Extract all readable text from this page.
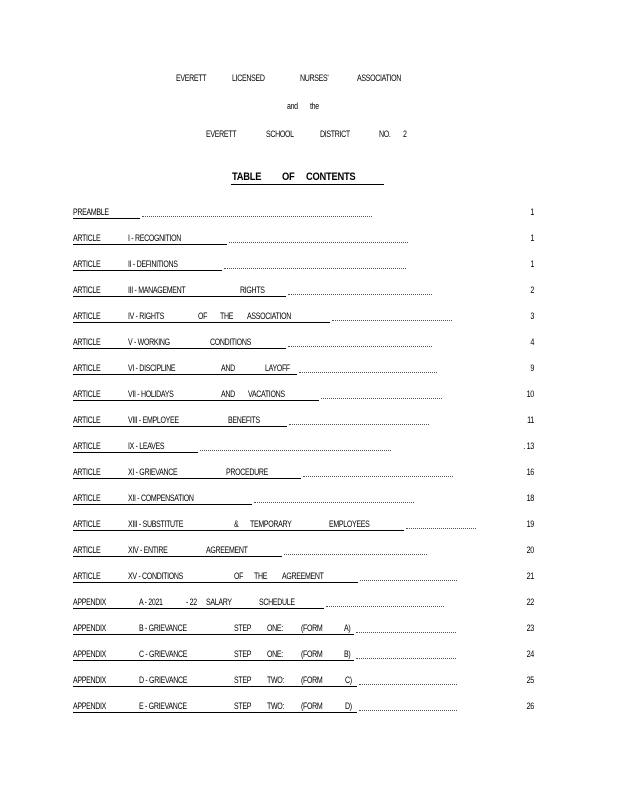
EVERETT	LICENSED	NURSES'	ASSOCIATION
and the
EVERETT	SCHOOL	DISTRICT	NO. 2
TABLE OF CONTENTS
PREAMBLE	1
ARTICLE	I - RECOGNITION	1
ARTICLE	II - DEFINITIONS	1
ARTICLE	III - MANAGEMENT	RIGHTS	2
ARTICLE	IV - RIGHTS	OF THE ASSOCIATION	3
ARTICLE	V - WORKING	CONDITIONS	4
ARTICLE	VI - DISCIPLINE	AND	LAYOFF	9
ARTICLE	VII - HOLIDAYS	AND VACATIONS	10
ARTICLE	VIII - EMPLOYEE	BENEFITS	11
ARTICLE	IX - LEAVES	. 13
ARTICLE	XI - GRIEVANCE	PROCEDURE	16
ARTICLE	XII - COMPENSATION	18
ARTICLE	XIII - SUBSTITUTE	& TEMPORARY	EMPLOYEES	19
ARTICLE	XIV - ENTIRE	AGREEMENT	20
ARTICLE	XV - CONDITIONS	OF THE AGREEMENT	21
APPENDIX	A - 2021	- 22 SALARY	SCHEDULE	22
APPENDIX	B - GRIEVANCE	STEP ONE: (FORM A)	23
APPENDIX	C - GRIEVANCE	STEP ONE: (FORM B)	24
APPENDIX	D - GRIEVANCE	STEP TWO: (FORM	C)	25
APPENDIX	E - GRIEVANCE	STEP TWO: (FORM	D)	26
